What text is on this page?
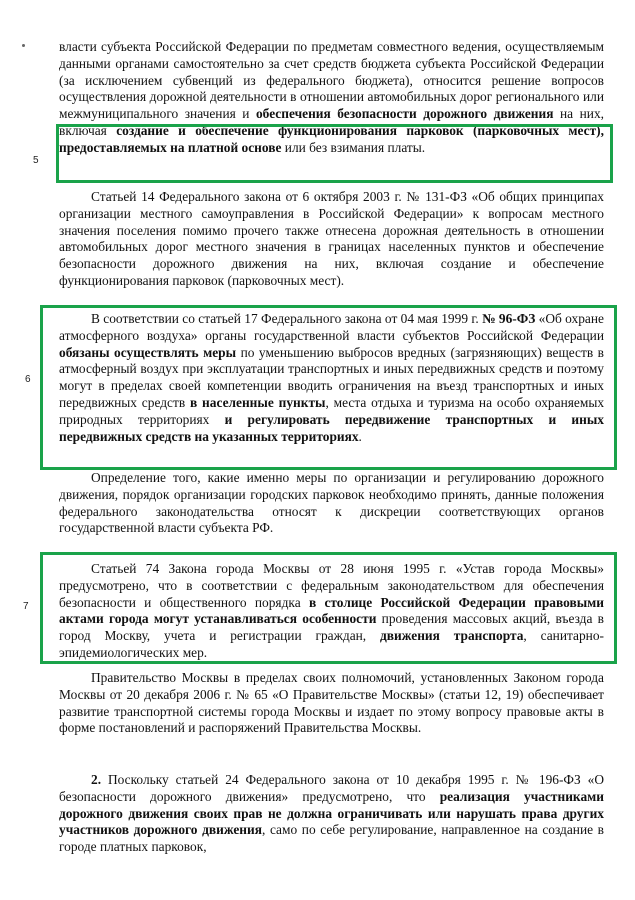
власти субъекта Российской Федерации по предметам совместного ведения, осуществляемым данными органами самостоятельно за счет средств бюджета субъекта Российской Федерации (за исключением субвенций из федерального бюджета), относится решение вопросов осуществления дорожной деятельности в отношении автомобильных дорог регионального или межмуниципального значения и обеспечения безопасности дорожного движения на них, включая создание и обеспечение функционирования парковок (парковочных мест), предоставляемых на платной основе или без взимания платы.

Статьей 14 Федерального закона от 6 октября 2003 г. № 131-ФЗ «Об общих принципах организации местного самоуправления в Российской Федерации» к вопросам местного значения поселения помимо прочего также отнесена дорожная деятельность в отношении автомобильных дорог местного значения в границах населенных пунктов и обеспечение безопасности дорожного движения на них, включая создание и обеспечение функционирования парковок (парковочных мест).

В соответствии со статьей 17 Федерального закона от 04 мая 1999 г. № 96-ФЗ «Об охране атмосферного воздуха» органы государственной власти субъектов Российской Федерации обязаны осуществлять меры по уменьшению выбросов вредных (загрязняющих) веществ в атмосферный воздух при эксплуатации транспортных и иных передвижных средств и поэтому могут в пределах своей компетенции вводить ограничения на въезд транспортных и иных передвижных средств в населенные пункты, места отдыха и туризма на особо охраняемых природных территориях и регулировать передвижение транспортных и иных передвижных средств на указанных территориях.

Определение того, какие именно меры по организации и регулированию дорожного движения, порядок организации городских парковок необходимо принять, данные положения федерального законодательства относят к дискреции соответствующих органов государственной власти субъекта РФ.

Статьей 74 Закона города Москвы от 28 июня 1995 г. «Устав города Москвы» предусмотрено, что в соответствии с федеральным законодательством для обеспечения безопасности и общественного порядка в столице Российской Федерации правовыми актами города могут устанавливаться особенности проведения массовых акций, въезда в город Москву, учета и регистрации граждан, движения транспорта, санитарно-эпидемиологических мер.

Правительство Москвы в пределах своих полномочий, установленных Законом города Москвы от 20 декабря 2006 г. № 65 «О Правительстве Москвы» (статьи 12, 19) обеспечивает развитие транспортной системы города Москвы и издает по этому вопросу правовые акты в форме постановлений и распоряжений Правительства Москвы.

2. Поскольку статьей 24 Федерального закона от 10 декабря 1995 г. № 196-ФЗ «О безопасности дорожного движения» предусмотрено, что реализация участниками дорожного движения своих прав не должна ограничивать или нарушать права других участников дорожного движения, само по себе регулирование, направленное на создание в городе платных парковок,

5
6
7
